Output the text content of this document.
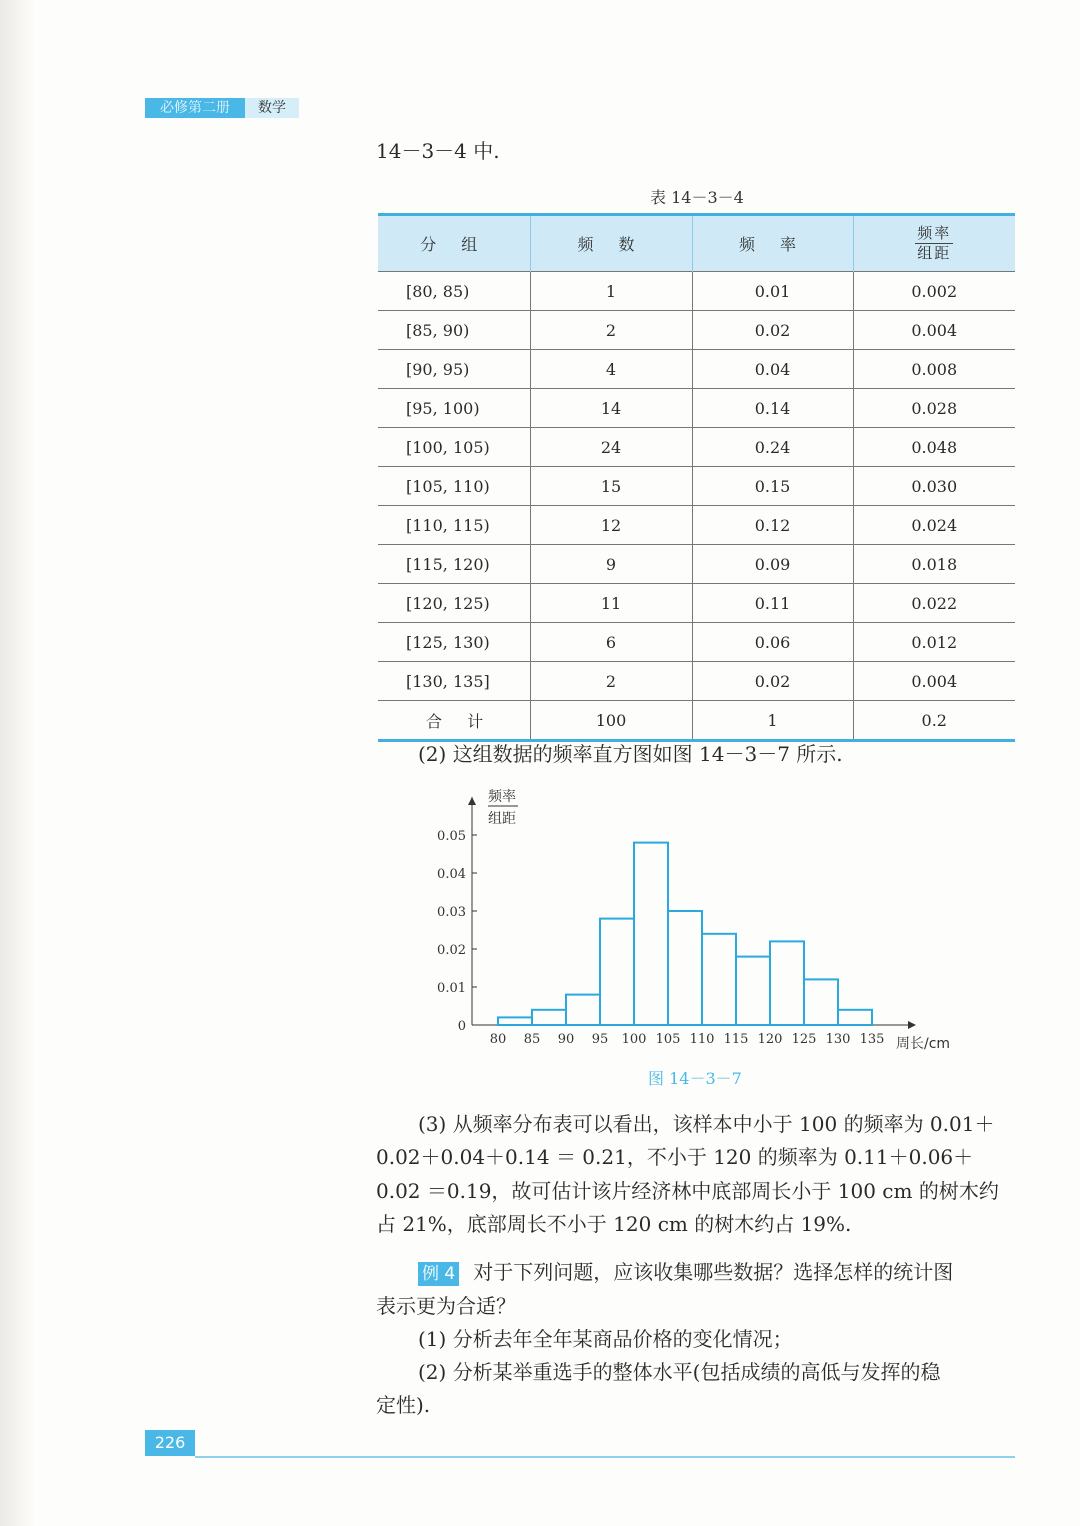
必修第二册	数学
14－3－4 中.
表 14－3－4
分 组	频 数	频 率	$\frac{\text{频率}}{\text{组距}}$

[80, 85)	1	0.01	0.002
[85, 90)	2	0.02	0.004
[90, 95)	4	0.04	0.008
[95, 100)	14	0.14	0.028
[100, 105)	24	0.24	0.048
[105, 110)	15	0.15	0.030
[110, 115)	12	0.12	0.024
[115, 120)	9	0.09	0.018
[120, 125)	11	0.11	0.022
[125, 130)	6	0.06	0.012
[130, 135]	2	0.02	0.004
合 计	100	1	0.2
(2) 这组数据的频率直方图如图 14－3－7 所示.
0
0.01
0.02
0.03
0.04
0.05
80 85 90 95 100 105 110 115 120 125 130 135
频率
组距
周长/cm
图 14－3－7
(3) 从频率分布表可以看出，该样本中小于 100 的频率为 0.01＋
0.02＋0.04＋0.14 ＝ 0.21，不小于 120 的频率为 0.11＋0.06＋
0.02 ＝0.19，故可估计该片经济林中底部周长小于 100 cm 的树木约
占 21%，底部周长不小于 120 cm 的树木约占 19%.
例 4 对于下列问题，应该收集哪些数据？选择怎样的统计图
表示更为合适？
(1) 分析去年全年某商品价格的变化情况；
(2) 分析某举重选手的整体水平(包括成绩的高低与发挥的稳
定性).
226
